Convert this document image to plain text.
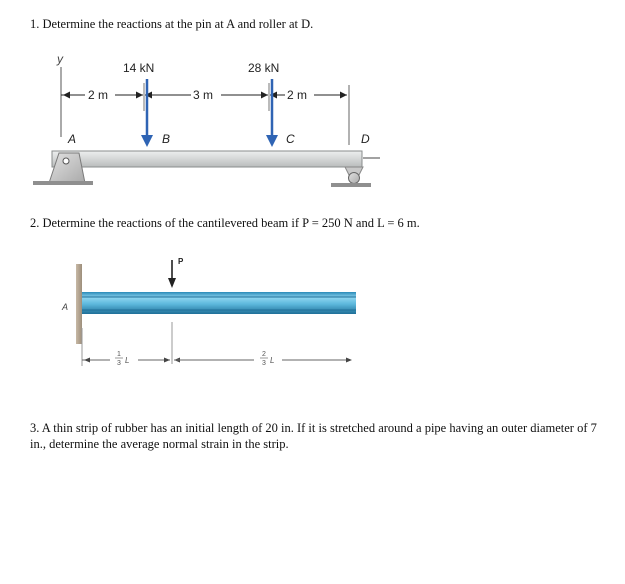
1. Determine the reactions at the pin at A and roller at D.

y
14 kN	28 kN
2 m	3 m	2 m
A	B	C	D

2. Determine the reactions of the cantilevered beam if P = 250 N and L = 6 m.

A
P
1
3 L
2
3 L

3. A thin strip of rubber has an initial length of 20 in. If it is stretched around a pipe having an outer diameter of 7 in., determine the average normal strain in the strip.
